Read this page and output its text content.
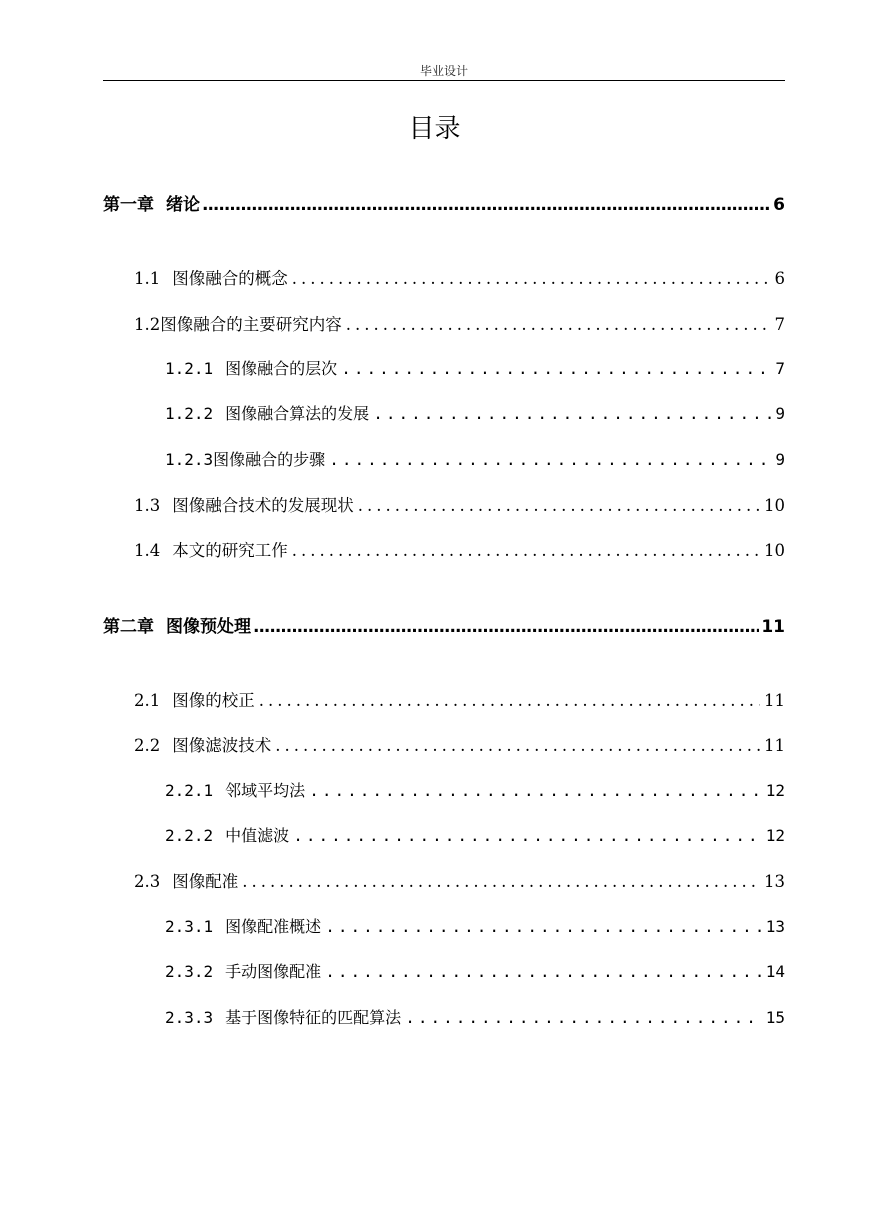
毕业设计
目录
第一章 绪论 .....	6
1.1 图像融合的概念 .....	6
1.2 图像融合的主要研究内容 .....	7
1.2.1 图像融合的层次 .....	7
1.2.2 图像融合算法的发展 .....	9
1.2.3 图像融合的步骤 .....	9
1.3 图像融合技术的发展现状 .....	10
1.4 本文的研究工作 .....	10
第二章 图像预处理 .....	11
2.1 图像的校正 .....	11
2.2 图像滤波技术 .....	11
2.2.1 邻域平均法 .....	12
2.2.2 中值滤波 .....	12
2.3 图像配准 .....	13
2.3.1 图像配准概述 .....	13
2.3.2 手动图像配准 .....	14
2.3.3 基于图像特征的匹配算法 .....	15
